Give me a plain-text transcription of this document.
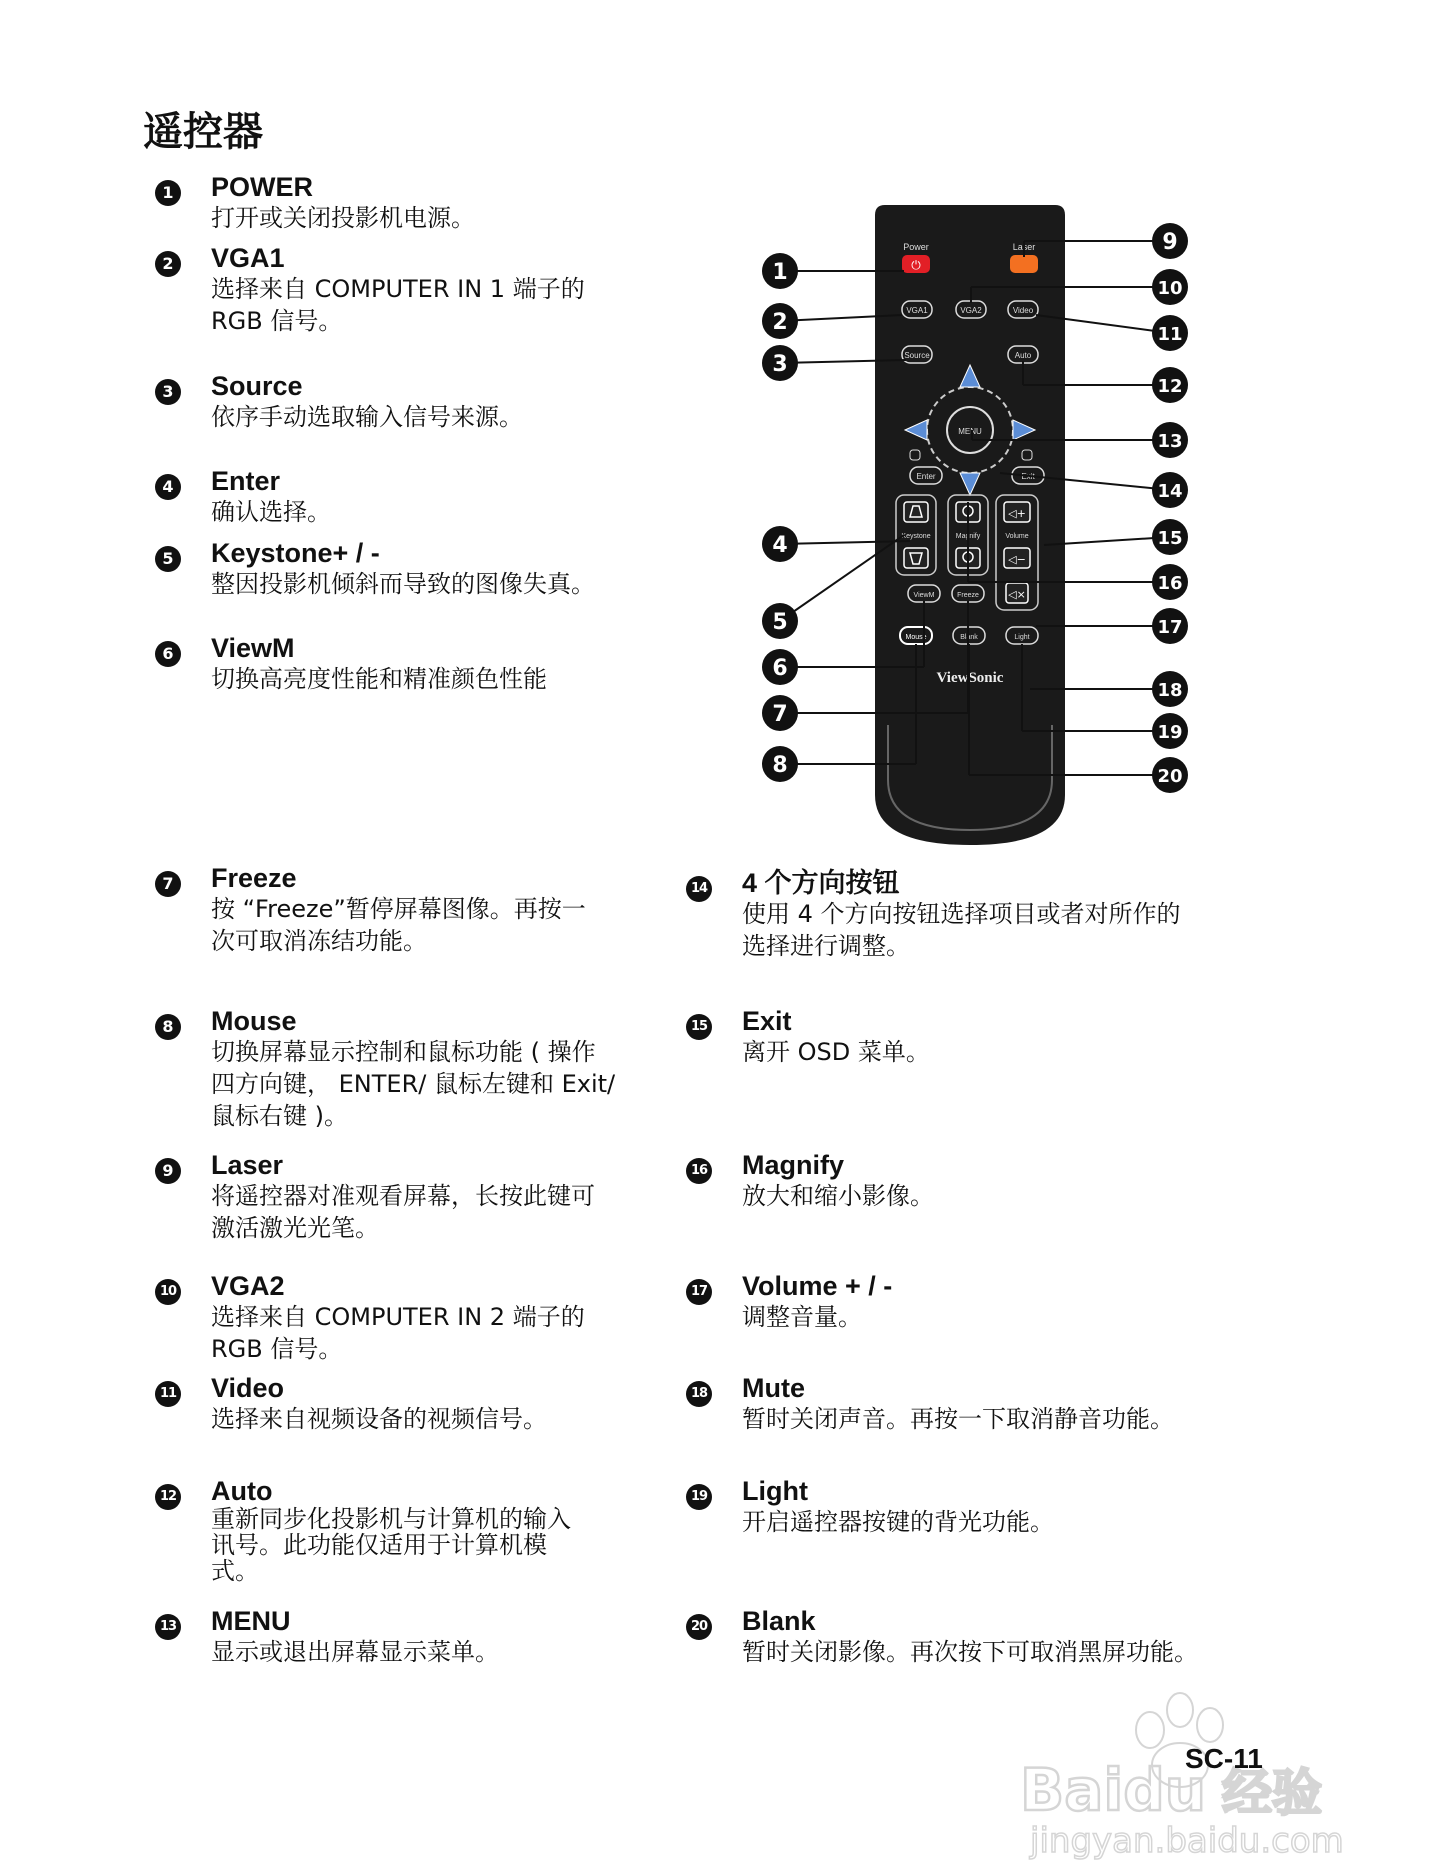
遥控器
1 POWER
打开或关闭投影机电源。
2 VGA1
选择来自 COMPUTER IN 1 端子的
RGB 信号。
3 Source
依序手动选取输入信号来源。
4 Enter
确认选择。
5 Keystone+ / -
整因投影机倾斜而导致的图像失真。
6 ViewM
切换高亮度性能和精准颜色性能
7 Freeze
按 “Freeze”暂停屏幕图像。再按一
次可取消冻结功能。
8 Mouse
切换屏幕显示控制和鼠标功能 ( 操作
四方向键， ENTER/ 鼠标左键和 Exit/
鼠标右键 )。
9 Laser
将遥控器对准观看屏幕，长按此键可
激活激光光笔。
10 VGA2
选择来自 COMPUTER IN 2 端子的
RGB 信号。
11 Video
选择来自视频设备的视频信号。
12 Auto
重新同步化投影机与计算机的输入
讯号。此功能仅适用于计算机模
式。
13 MENU
显示或退出屏幕显示菜单。
14 4 个方向按钮
使用 4 个方向按钮选择项目或者对所作的
选择进行调整。
15 Exit
离开 OSD 菜单。
16 Magnify
放大和缩小影像。
17 Volume + / -
调整音量。
18 Mute
暂时关闭声音。再按一下取消静音功能。
19 Light
开启遥控器按键的背光功能。
20 Blank
暂时关闭影像。再次按下可取消黑屏功能。
Power
⏻
Laser
VGA1	VGA2	Video
Source	Auto
MENU
Enter	Exit
Keystone	Magnify
◁+
Volume
◁−
◁×
ViewM	Freeze
Mouse	Blank	Light
ViewSonic
1
2
3
4
5
6
7
8
9
10
11
12
13
14
15
16
17
18
19
20
Baidu 经验
jingyan.baidu.com
SC-11
